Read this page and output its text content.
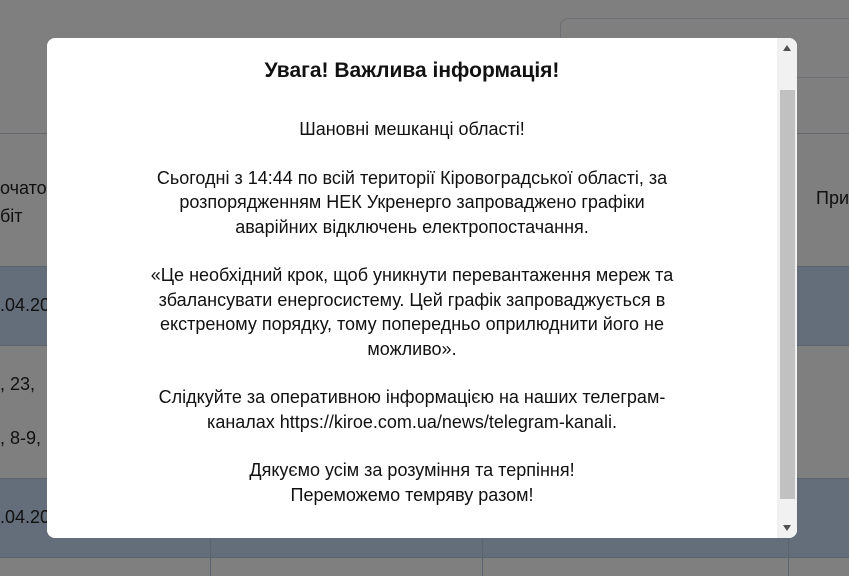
Увага! Важлива інформація!

Шановні мешканці області!

Сьогодні з 14:44 по всій території Кіровоградської області, за розпорядженням НЕК Укренерго запроваджено графіки аварійних відключень електропостачання.

«Це необхідний крок, щоб уникнути перевантаження мереж та збалансувати енергосистему. Цей графік запроваджується в екстреному порядку, тому попередньо оприлюднити його не можливо».

Слідкуйте за оперативною інформацією на наших телеграм-каналах https://kiroe.com.ua/news/telegram-kanali.

Дякуємо усім за розуміння та терпіння!

Переможемо темряву разом!
